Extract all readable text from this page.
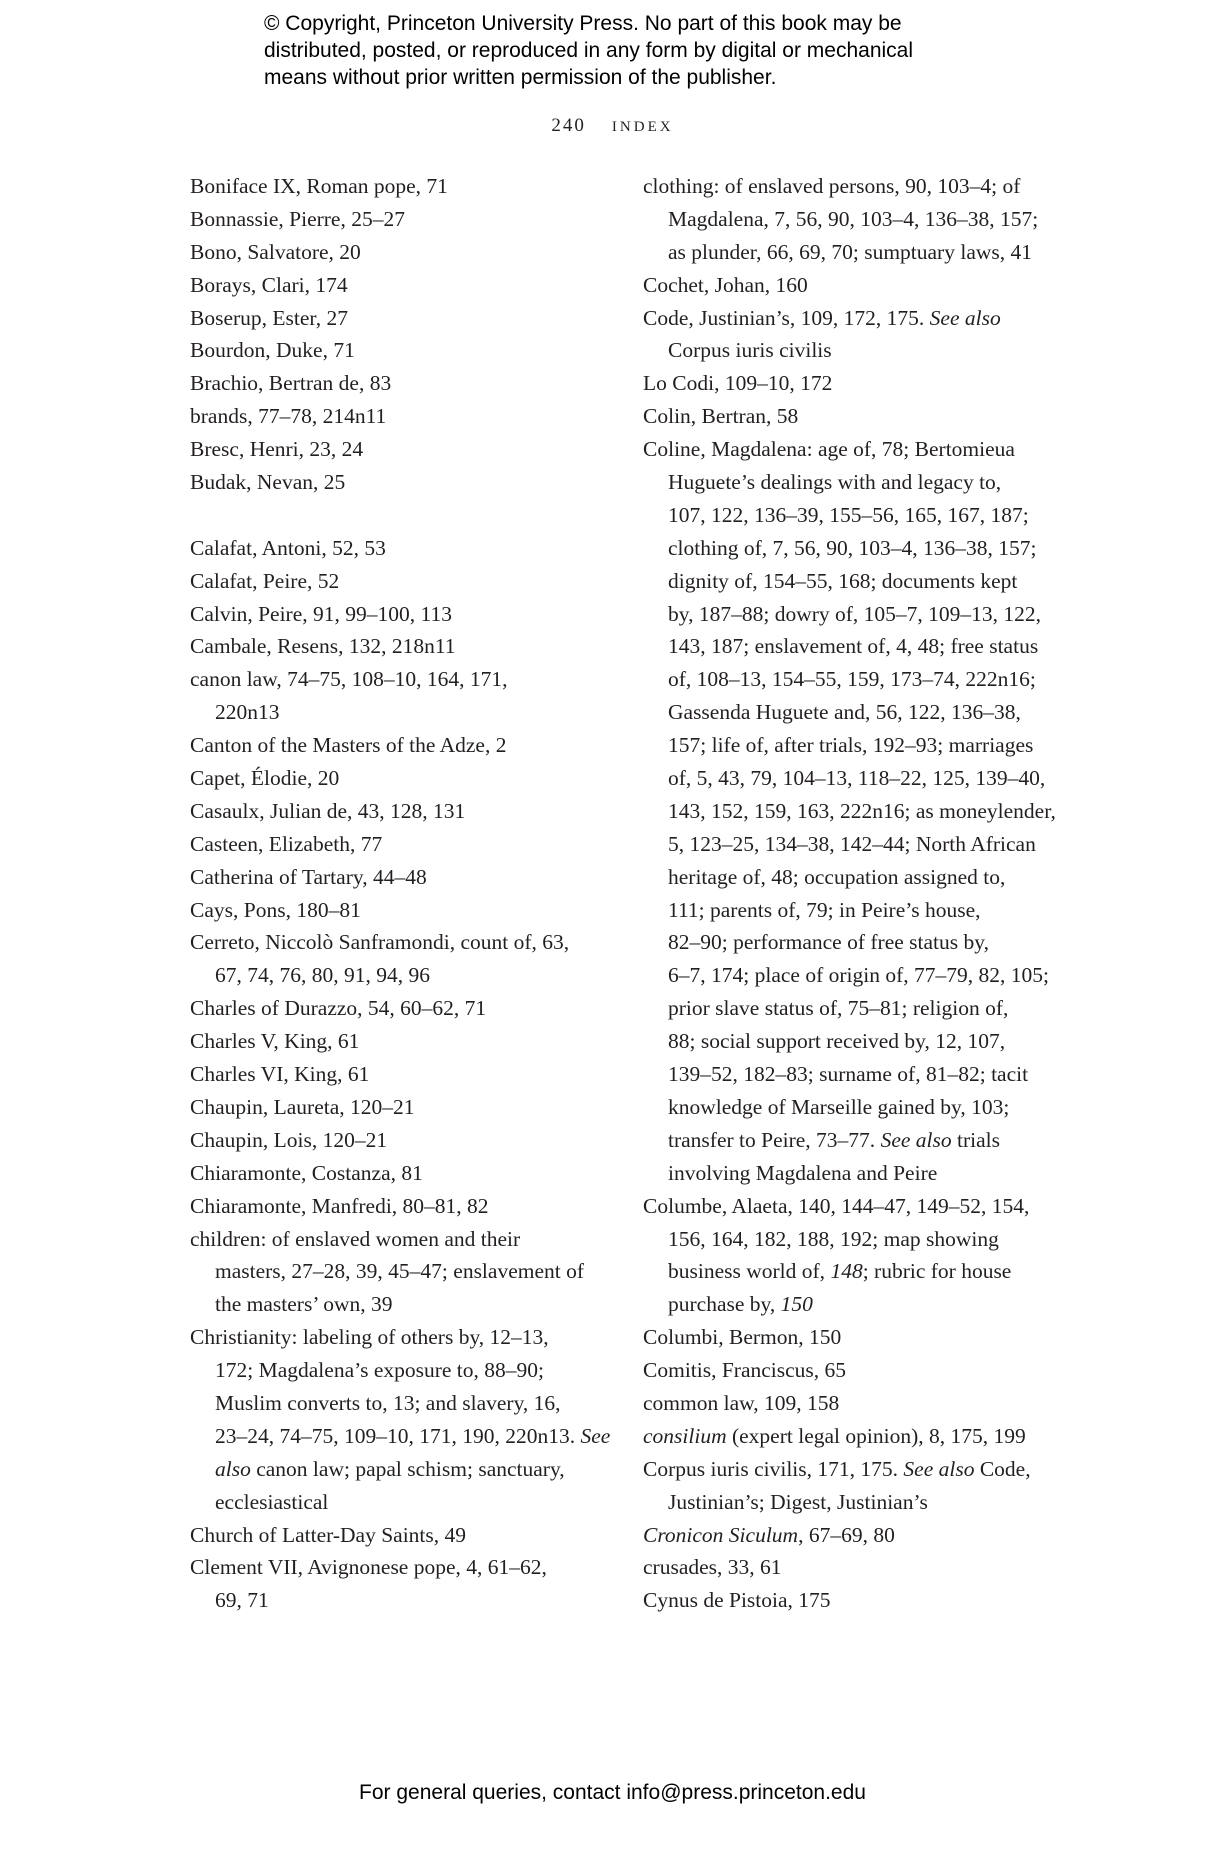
© Copyright, Princeton University Press. No part of this book may be
distributed, posted, or reproduced in any form by digital or mechanical
means without prior written permission of the publisher.
240 index
Boniface IX, Roman pope, 71
Bonnassie, Pierre, 25–27
Bono, Salvatore, 20
Borays, Clari, 174
Boserup, Ester, 27
Bourdon, Duke, 71
Brachio, Bertran de, 83
brands, 77–78, 214n11
Bresc, Henri, 23, 24
Budak, Nevan, 25
Calafat, Antoni, 52, 53
Calafat, Peire, 52
Calvin, Peire, 91, 99–100, 113
Cambale, Resens, 132, 218n11
canon law, 74–75, 108–10, 164, 171,
220n13
Canton of the Masters of the Adze, 2
Capet, Élodie, 20
Casaulx, Julian de, 43, 128, 131
Casteen, Elizabeth, 77
Catherina of Tartary, 44–48
Cays, Pons, 180–81
Cerreto, Niccolò Sanframondi, count of, 63,
67, 74, 76, 80, 91, 94, 96
Charles of Durazzo, 54, 60–62, 71
Charles V, King, 61
Charles VI, King, 61
Chaupin, Laureta, 120–21
Chaupin, Lois, 120–21
Chiaramonte, Costanza, 81
Chiaramonte, Manfredi, 80–81, 82
children: of enslaved women and their
masters, 27–28, 39, 45–47; enslavement of
the masters’ own, 39
Christianity: labeling of others by, 12–13,
172; Magdalena’s exposure to, 88–90;
Muslim converts to, 13; and slavery, 16,
23–24, 74–75, 109–10, 171, 190, 220n13. See
also canon law; papal schism; sanctuary,
ecclesiastical
Church of Latter-Day Saints, 49
Clement VII, Avignonese pope, 4, 61–62,
69, 71
clothing: of enslaved persons, 90, 103–4; of
Magdalena, 7, 56, 90, 103–4, 136–38, 157;
as plunder, 66, 69, 70; sumptuary laws, 41
Cochet, Johan, 160
Code, Justinian’s, 109, 172, 175. See also
Corpus iuris civilis
Lo Codi, 109–10, 172
Colin, Bertran, 58
Coline, Magdalena: age of, 78; Bertomieua
Huguete’s dealings with and legacy to,
107, 122, 136–39, 155–56, 165, 167, 187;
clothing of, 7, 56, 90, 103–4, 136–38, 157;
dignity of, 154–55, 168; documents kept
by, 187–88; dowry of, 105–7, 109–13, 122,
143, 187; enslavement of, 4, 48; free status
of, 108–13, 154–55, 159, 173–74, 222n16;
Gassenda Huguete and, 56, 122, 136–38,
157; life of, after trials, 192–93; marriages
of, 5, 43, 79, 104–13, 118–22, 125, 139–40,
143, 152, 159, 163, 222n16; as moneylender,
5, 123–25, 134–38, 142–44; North African
heritage of, 48; occupation assigned to,
111; parents of, 79; in Peire’s house,
82–90; performance of free status by,
6–7, 174; place of origin of, 77–79, 82, 105;
prior slave status of, 75–81; religion of,
88; social support received by, 12, 107,
139–52, 182–83; surname of, 81–82; tacit
knowledge of Marseille gained by, 103;
transfer to Peire, 73–77. See also trials
involving Magdalena and Peire
Columbe, Alaeta, 140, 144–47, 149–52, 154,
156, 164, 182, 188, 192; map showing
business world of, 148; rubric for house
purchase by, 150
Columbi, Bermon, 150
Comitis, Franciscus, 65
common law, 109, 158
consilium (expert legal opinion), 8, 175, 199
Corpus iuris civilis, 171, 175. See also Code,
Justinian’s; Digest, Justinian’s
Cronicon Siculum, 67–69, 80
crusades, 33, 61
Cynus de Pistoia, 175
For general queries, contact info@press.princeton.edu
